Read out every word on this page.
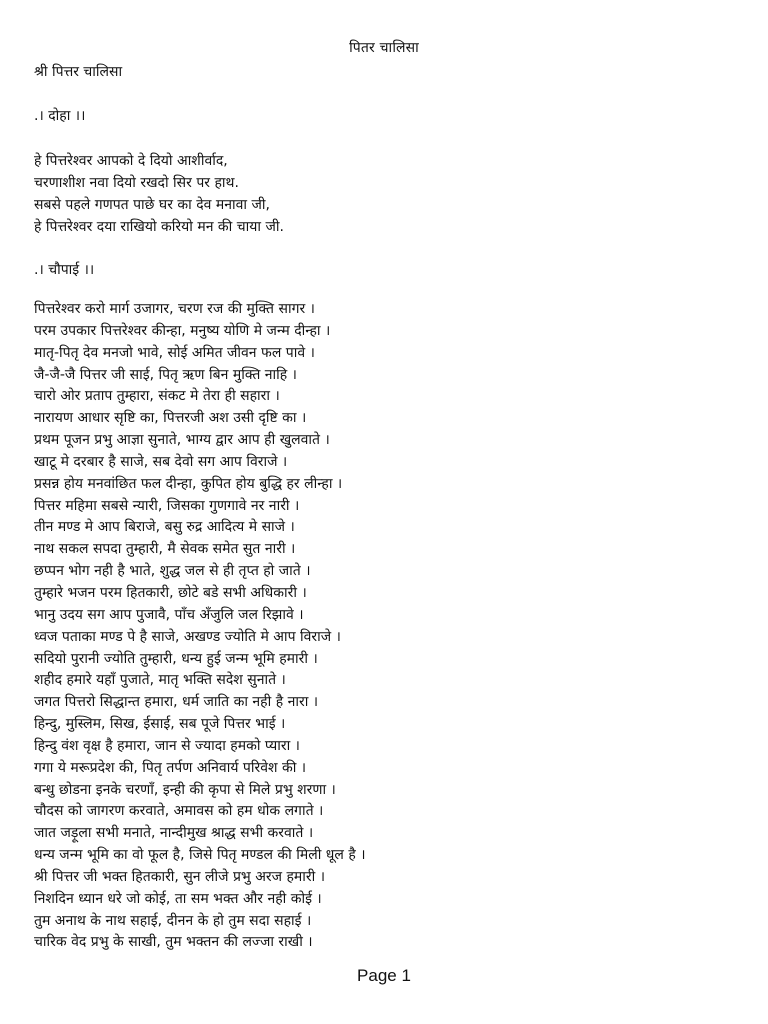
पितर चालिसा
श्री पित्तर चालिसा
.। दोहा ।।
हे पित्तरेश्वर आपको दे दियो आशीर्वाद,
चरणाशीश नवा दियो रखदो सिर पर हाथ.
सबसे पहले गणपत पाछे घर का देव मनावा जी,
हे पित्तरेश्वर दया राखियो करियो मन की चाया जी.
.। चौपाई ।।
पित्तरेश्वर करो मार्ग उजागर, चरण रज की मुक्ति सागर ।
परम उपकार पित्तरेश्वर कीन्हा, मनुष्य योणि मे जन्म दीन्हा ।
मातृ-पितृ देव मनजो भावे, सोई अमित जीवन फल पावे ।
जै-जै-जै पित्तर जी साई, पितृ ऋण बिन मुक्ति नाहि ।
चारो ओर प्रताप तुम्हारा, संकट मे तेरा ही सहारा ।
नारायण आधार सृष्टि का, पित्तरजी अश उसी दृष्टि का ।
प्रथम पूजन प्रभु आज्ञा सुनाते, भाग्य द्वार आप ही खुलवाते ।
खाटू मे दरबार है साजे, सब देवो सग आप विराजे ।
प्रसन्न होय मनवांछित फल दीन्हा, कुपित होय बुद्धि हर लीन्हा ।
पित्तर महिमा सबसे न्यारी, जिसका गुणगावे नर नारी ।
तीन मण्ड मे आप बिराजे, बसु रुद्र आदित्य मे साजे ।
नाथ सकल सपदा तुम्हारी, मै सेवक समेत सुत नारी ।
छप्पन भोग नही है भाते, शुद्ध जल से ही तृप्त हो जाते ।
तुम्हारे भजन परम हितकारी, छोटे बडे सभी अधिकारी ।
भानु उदय सग आप पुजावै, पाँच अँजुलि जल रिझावे ।
ध्वज पताका मण्ड पे है साजे, अखण्ड ज्योति मे आप विराजे ।
सदियो पुरानी ज्योति तुम्हारी, धन्य हुई जन्म भूमि हमारी ।
शहीद हमारे यहाँ पुजाते, मातृ भक्ति सदेश सुनाते ।
जगत पित्तरो सिद्धान्त हमारा, धर्म जाति का नही है नारा ।
हिन्दु, मुस्लिम, सिख, ईसाई, सब पूजे पित्तर भाई ।
हिन्दु वंश वृक्ष है हमारा, जान से ज्यादा हमको प्यारा ।
गगा ये मरूप्रदेश की, पितृ तर्पण अनिवार्य परिवेश की ।
बन्धु छोडना इनके चरणाँ, इन्ही की कृपा से मिले प्रभु शरणा ।
चौदस को जागरण करवाते, अमावस को हम धोक लगाते ।
जात जड़ूला सभी मनाते, नान्दीमुख श्राद्ध सभी करवाते ।
धन्य जन्म भूमि का वो फूल है, जिसे पितृ मण्डल की मिली धूल है ।
श्री पित्तर जी भक्त हितकारी, सुन लीजे प्रभु अरज हमारी ।
निशदिन ध्यान धरे जो कोई, ता सम भक्त और नही कोई ।
तुम अनाथ के नाथ सहाई, दीनन के हो तुम सदा सहाई ।
चारिक वेद प्रभु के साखी, तुम भक्तन की लज्जा राखी ।
Page 1
